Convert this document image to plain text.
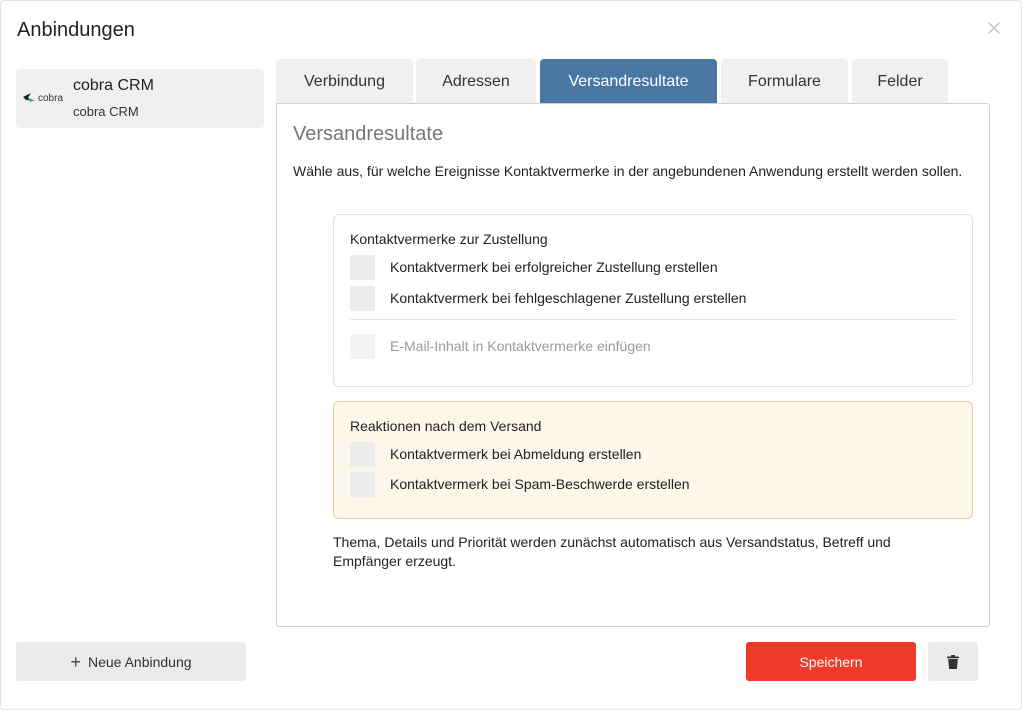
Anbindungen
cobra
cobra CRM
cobra CRM
Verbindung	Adressen	Versandresultate	Formulare	Felder
Versandresultate
Wähle aus, für welche Ereignisse Kontaktvermerke in der angebundenen Anwendung erstellt werden sollen.
Kontaktvermerke zur Zustellung
Kontaktvermerk bei erfolgreicher Zustellung erstellen
Kontaktvermerk bei fehlgeschlagener Zustellung erstellen
E-Mail-Inhalt in Kontaktvermerke einfügen
Reaktionen nach dem Versand
Kontaktvermerk bei Abmeldung erstellen
Kontaktvermerk bei Spam-Beschwerde erstellen
Thema, Details und Priorität werden zunächst automatisch aus Versandstatus, Betreff und Empfänger erzeugt.
+ Neue Anbindung	Speichern
